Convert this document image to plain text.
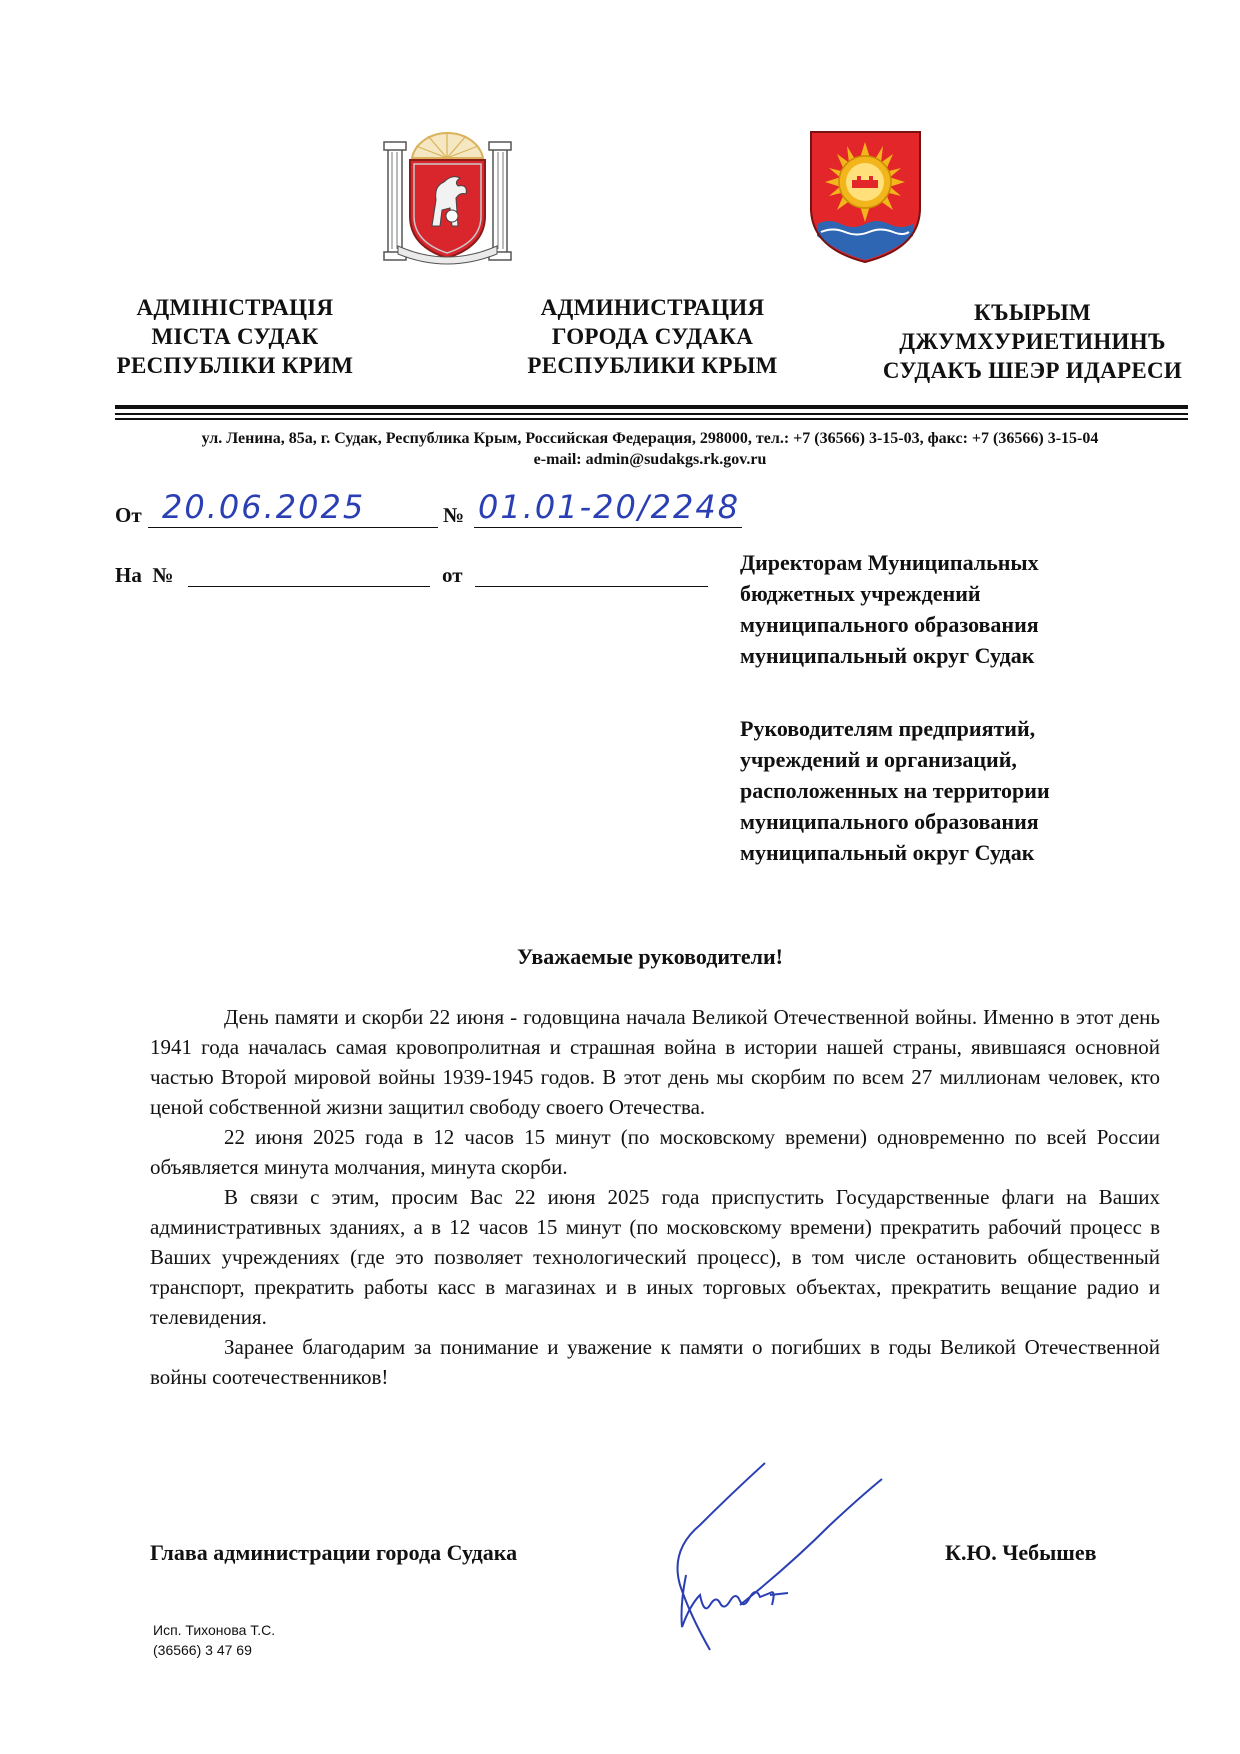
АДМІНІСТРАЦІЯ
МІСТА СУДАК
РЕСПУБЛІКИ КРИМ
АДМИНИСТРАЦИЯ
ГОРОДА СУДАКА
РЕСПУБЛИКИ КРЫМ
КЪЫРЫМ
ДЖУМХУРИЕТИНИНЪ
СУДАКЪ ШЕЭР ИДАРЕСИ
ул. Ленина, 85а, г. Судак, Республика Крым, Российская Федерация, 298000, тел.: +7 (36566) 3-15-03, факс: +7 (36566) 3-15-04
e-mail: admin@sudakgs.rk.gov.ru
От 20.06.2025	№ 01.01-20/2248
На  №	от	Директорам Муниципальных
бюджетных учреждений
муниципального образования
муниципальный округ Судак
Руководителям предприятий,
учреждений и организаций,
расположенных на территории
муниципального образования
муниципальный округ Судак
Уважаемые руководители!

День памяти и скорби 22 июня - годовщина начала Великой Отечественной войны. Именно в этот день 1941 года началась самая кровопролитная и страшная война в истории нашей страны, явившаяся основной частью Второй мировой войны 1939-1945 годов. В этот день мы скорбим по всем 27 миллионам человек, кто ценой собственной жизни защитил свободу своего Отечества.

22 июня 2025 года в 12 часов 15 минут (по московскому времени) одновременно по всей России объявляется минута молчания, минута скорби.

В связи с этим, просим Вас 22 июня 2025 года приспустить Государственные флаги на Ваших административных зданиях, а в 12 часов 15 минут (по московскому времени) прекратить рабочий процесс в Ваших учреждениях (где это позволяет технологический процесс), в том числе остановить общественный транспорт, прекратить работы касс в магазинах и в иных торговых объектах, прекратить вещание радио и телевидения.

Заранее благодарим за понимание и уважение к памяти о погибших в годы Великой Отечественной войны соотечественников!

Глава администрации города Судака	К.Ю. Чебышев
Исп. Тихонова Т.С.
(36566) 3 47 69
